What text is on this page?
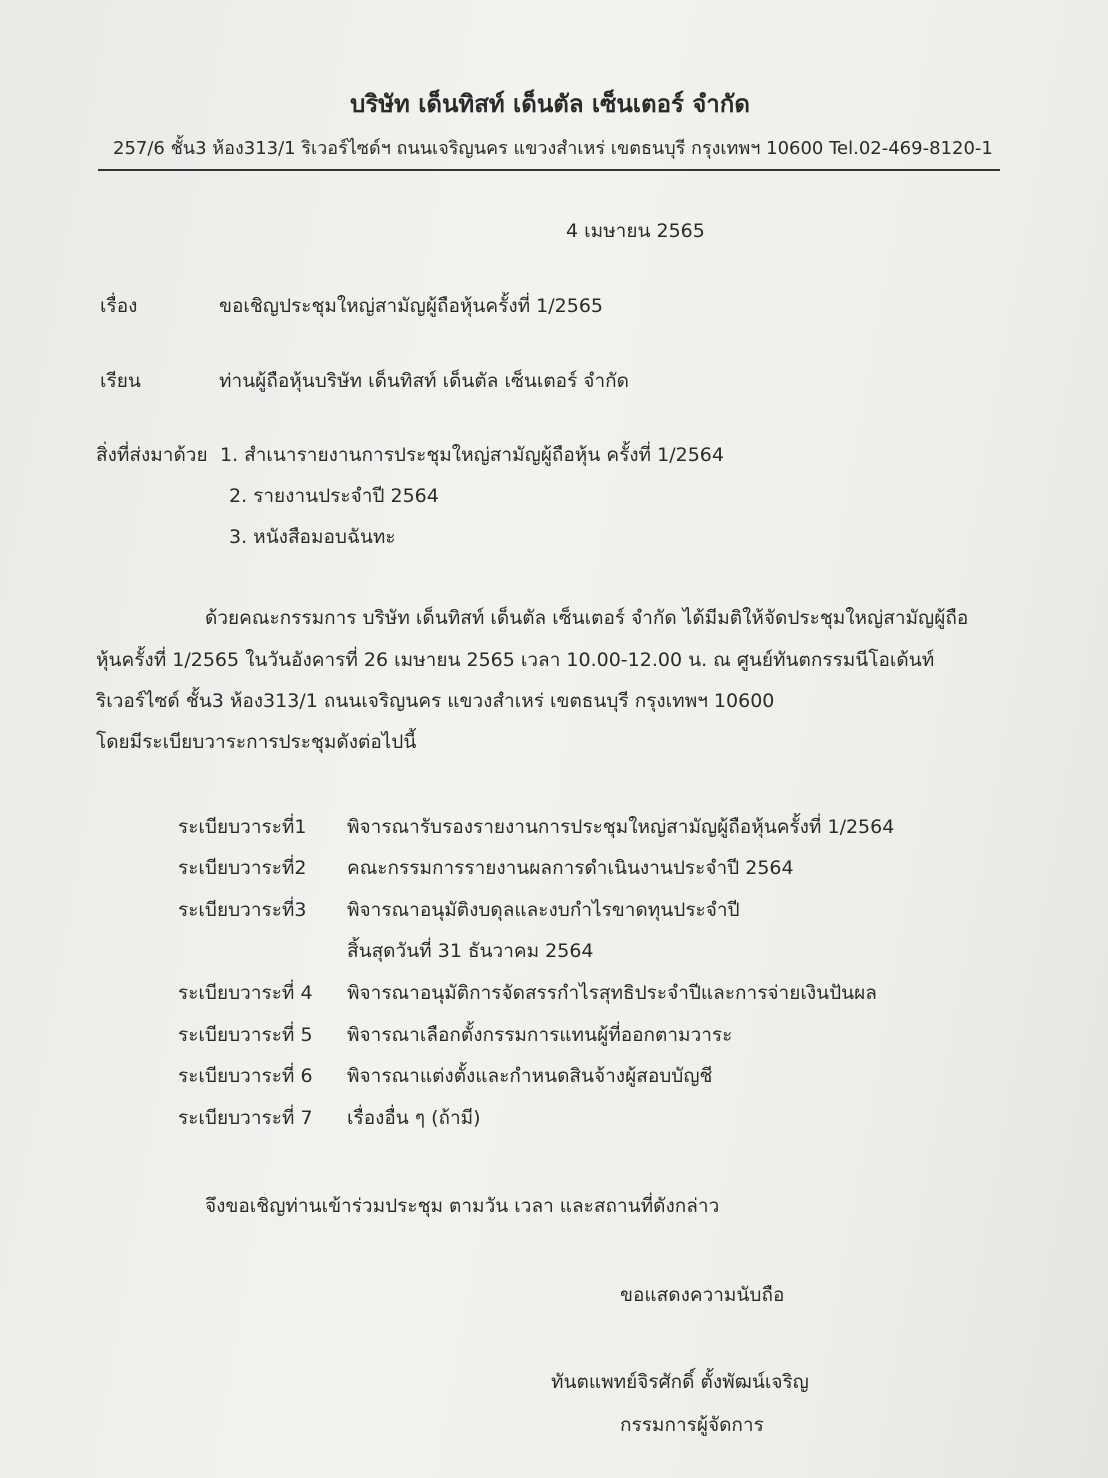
บริษัท เด็นทิสท์ เด็นตัล เซ็นเตอร์ จำกัด
257/6 ชั้น3 ห้อง313/1 ริเวอร์ไซด์ฯ ถนนเจริญนคร แขวงสำเหร่ เขตธนบุรี กรุงเทพฯ 10600 Tel.02-469-8120-1
4 เมษายน 2565
เรื่อง	ขอเชิญประชุมใหญ่สามัญผู้ถือหุ้นครั้งที่ 1/2565
เรียน	ท่านผู้ถือหุ้นบริษัท เด็นทิสท์ เด็นตัล เซ็นเตอร์ จำกัด
สิ่งที่ส่งมาด้วย 1. สำเนารายงานการประชุมใหญ่สามัญผู้ถือหุ้น ครั้งที่ 1/2564
2. รายงานประจำปี 2564
3. หนังสือมอบฉันทะ
ด้วยคณะกรรมการ บริษัท เด็นทิสท์ เด็นตัล เซ็นเตอร์ จำกัด ได้มีมติให้จัดประชุมใหญ่สามัญผู้ถือ
หุ้นครั้งที่ 1/2565 ในวันอังคารที่ 26 เมษายน 2565 เวลา 10.00-12.00 น. ณ ศูนย์ทันตกรรมนีโอเด้นท์
ริเวอร์ไซด์ ชั้น3 ห้อง313/1 ถนนเจริญนคร แขวงสำเหร่ เขตธนบุรี กรุงเทพฯ 10600
โดยมีระเบียบวาระการประชุมดังต่อไปนี้
ระเบียบวาระที่1 พิจารณารับรองรายงานการประชุมใหญ่สามัญผู้ถือหุ้นครั้งที่ 1/2564
ระเบียบวาระที่2 คณะกรรมการรายงานผลการดำเนินงานประจำปี 2564
ระเบียบวาระที่3 พิจารณาอนุมัติงบดุลและงบกำไรขาดทุนประจำปี
สิ้นสุดวันที่ 31 ธันวาคม 2564
ระเบียบวาระที่ 4 พิจารณาอนุมัติการจัดสรรกำไรสุทธิประจำปีและการจ่ายเงินปันผล
ระเบียบวาระที่ 5 พิจารณาเลือกตั้งกรรมการแทนผู้ที่ออกตามวาระ
ระเบียบวาระที่ 6 พิจารณาแต่งตั้งและกำหนดสินจ้างผู้สอบบัญชี
ระเบียบวาระที่ 7 เรื่องอื่น ๆ (ถ้ามี)
จึงขอเชิญท่านเข้าร่วมประชุม ตามวัน เวลา และสถานที่ดังกล่าว
ขอแสดงความนับถือ
ทันตแพทย์จิรศักดิ์ ตั้งพัฒน์เจริญ
กรรมการผู้จัดการ
